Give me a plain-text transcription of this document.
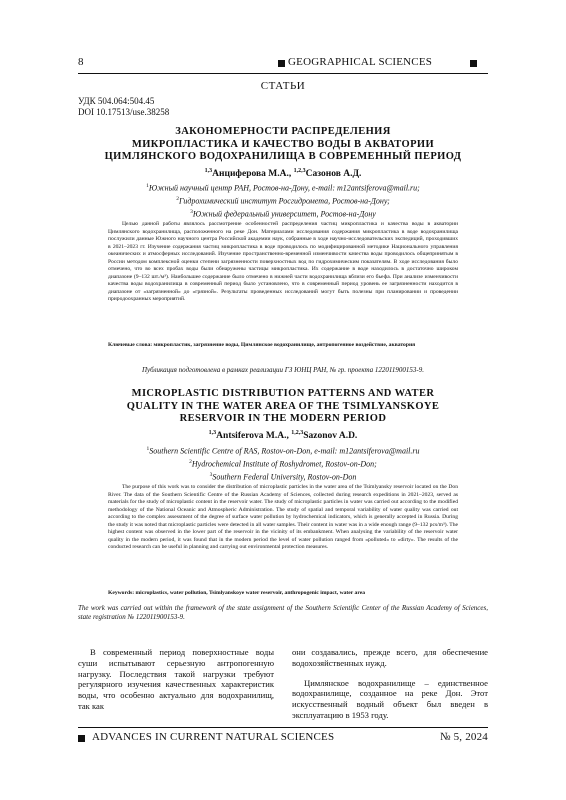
8	GEOGRAPHICAL SCIENCES
СТАТЬИ
УДК 504.064:504.45
DOI 10.17513/use.38258
ЗАКОНОМЕРНОСТИ РАСПРЕДЕЛЕНИЯ
МИКРОПЛАСТИКА И КАЧЕСТВО ВОДЫ В АКВАТОРИИ
ЦИМЛЯНСКОГО ВОДОХРАНИЛИЩА В СОВРЕМЕННЫЙ ПЕРИОД
$^{1,3}$Анциферова М.А., $^{1,2,3}$Сазонов А.Д.
$^1$Южный научный центр РАН, Ростов-на-Дону, e-mail: m12antsiferova@mail.ru;
$^2$Гидрохимический институт Росгидромета, Ростов-на-Дону;
$^3$Южный федеральный университет, Ростов-на-Дону
Целью данной работы являлось рассмотрение особенностей распределения частиц микропластика и качества воды в акватории Цимлянского водохранилища, расположенного на реке Дон. Материалами исследования содержания микропластика в воде водохранилища послужили данные Южного научного центра Российской академии наук, собранные в ходе научно-исследовательских экспедиций, проходивших в 2021–2023 гг. Изучение содержания частиц микропластика в воде проводилось по модифицированной методике Национального управления океанических и атмосферных исследований. Изучение пространственно-временной изменчивости качества воды проводилось общепринятым в России методом комплексной оценки степени загрязненности поверхностных вод по гидрохимическим показателям. В ходе исследования было отмечено, что во всех пробах воды были обнаружены частицы микропластика. Их содержание в воде находилось в достаточно широком диапазоне (9–132 шт./м³). Наибольшее содержание было отмечено в нижней части водохранилища вблизи его бьефа. При анализе изменчивости качества воды водохранилища в современный период было установлено, что в современный период уровень ее загрязненности находится в диапазоне от «загрязненной» до «грязной». Результаты проведенных исследований могут быть полезны при планировании и проведении природоохранных мероприятий.
Ключевые слова: микропластик, загрязнение воды, Цимлянское водохранилище, антропогенное воздействие, акватория
Публикация подготовлена в рамках реализации ГЗ ЮНЦ РАН, № гр. проекта 122011900153-9.
MICROPLASTIC DISTRIBUTION PATTERNS AND WATER
QUALITY IN THE WATER AREA OF THE TSIMLYANSKOYE
RESERVOIR IN THE MODERN PERIOD
$^{1,3}$Antsiferova M.A., $^{1,2,3}$Sazonov A.D.
$^1$Southern Scientific Centre of RAS, Rostov-on-Don, e-mail: m12antsiferova@mail.ru
$^2$Hydrochemical Institute of Roshydromet, Rostov-on-Don;
$^3$Southern Federal University, Rostov-on-Don
The purpose of this work was to consider the distribution of microplastic particles in the water area of the Tsimlyansky reservoir located on the Don River. The data of the Southern Scientific Centre of the Russian Academy of Sciences, collected during research expeditions in 2021–2023, served as materials for the study of microplastic content in the reservoir water. The study of microplastic particles in water was carried out according to the modified methodology of the National Oceanic and Atmospheric Administration. The study of spatial and temporal variability of water quality was carried out according to the complex assessment of the degree of surface water pollution by hydrochemical indicators, which is generally accepted in Russia. During the study it was noted that microplastic particles were detected in all water samples. Their content in water was in a wide enough range (9–132 pcs/m³). The highest content was observed in the lower part of the reservoir in the vicinity of its embankment. When analysing the variability of the reservoir water quality in the modern period, it was found that in the modern period the level of water pollution ranged from «polluted» to «dirty». The results of the conducted research can be useful in planning and carrying out environmental protection measures.
Keywords: microplastics, water pollution, Tsimlyanskoye water reservoir, anthropogenic impact, water area
The work was carried out within the framework of the state assignment of the Southern Scientific Center of the Russian Academy of Sciences, state registration № 122011900153-9.

В современный период поверхностные воды суши испытывают серьезную антропогенную нагрузку. Последствия такой нагрузки требуют регулярного изучения качественных характеристик воды, что особенно актуально для водохранилищ, так как

они создавались, прежде всего, для обеспечение водохозяйственных нужд.

Цимлянское водохранилище – единственное водохранилище, созданное на реке Дон. Этот искусственный водный объект был введен в эксплуатацию в 1953 году.

ADVANCES IN CURRENT NATURAL SCIENCES	№ 5, 2024
